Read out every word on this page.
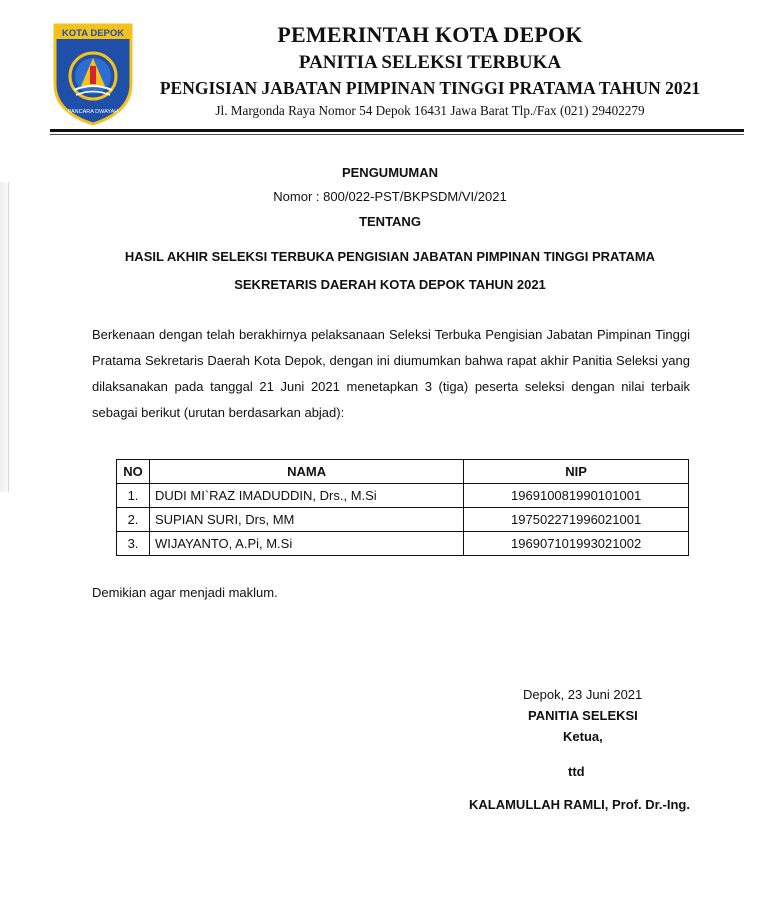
KOTA DEPOK
PANCARA DWAYAH
PEMERINTAH KOTA DEPOK
PANITIA SELEKSI TERBUKA
PENGISIAN JABATAN PIMPINAN TINGGI PRATAMA TAHUN 2021
Jl. Margonda Raya Nomor 54 Depok 16431 Jawa Barat Tlp./Fax (021) 29402279
PENGUMUMAN
Nomor : 800/022-PST/BKPSDM/VI/2021
TENTANG
HASIL AKHIR SELEKSI TERBUKA PENGISIAN JABATAN PIMPINAN TINGGI PRATAMA
SEKRETARIS DAERAH KOTA DEPOK TAHUN 2021
Berkenaan dengan telah berakhirnya pelaksanaan Seleksi Terbuka Pengisian Jabatan Pimpinan Tinggi Pratama Sekretaris Daerah Kota Depok, dengan ini diumumkan bahwa rapat akhir Panitia Seleksi yang dilaksanakan pada tanggal 21 Juni 2021 menetapkan 3 (tiga) peserta seleksi dengan nilai terbaik sebagai berikut (urutan berdasarkan abjad):
NO	NAMA	NIP
1.	DUDI MI`RAZ IMADUDDIN, Drs., M.Si	196910081990101001
2.	SUPIAN SURI, Drs, MM	197502271996021001
3.	WIJAYANTO, A.Pi, M.Si	196907101993021002
Demikian agar menjadi maklum.
Depok, 23 Juni 2021
PANITIA SELEKSI
Ketua,
ttd
KALAMULLAH RAMLI, Prof. Dr.-Ing.
